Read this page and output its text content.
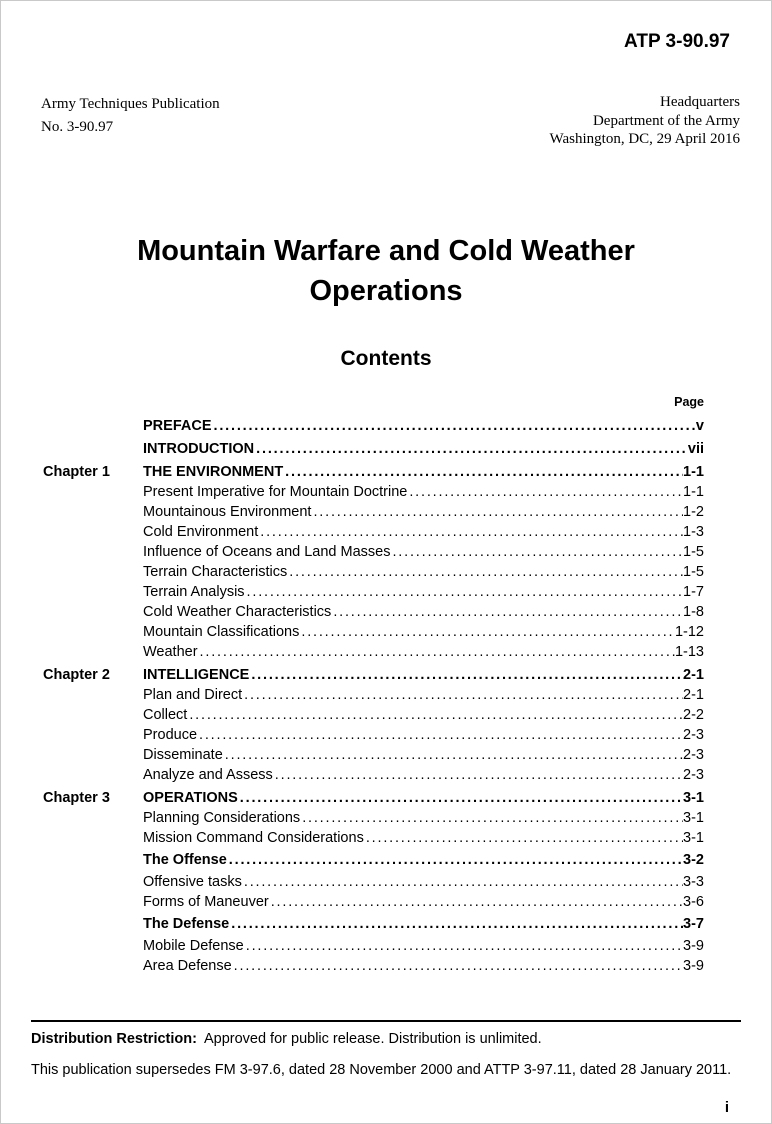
ATP 3-90.97
Army Techniques Publication
No. 3-90.97
Headquarters
Department of the Army
Washington, DC, 29 April 2016
Mountain Warfare and Cold Weather
Operations
Contents
Page
PREFACE .....	v
INTRODUCTION .....	vii
Chapter 1	THE ENVIRONMENT .....	1-1
Present Imperative for Mountain Doctrine .....	1-1
Mountainous Environment .....	1-2
Cold Environment .....	1-3
Influence of Oceans and Land Masses .....	1-5
Terrain Characteristics .....	1-5
Terrain Analysis .....	1-7
Cold Weather Characteristics .....	1-8
Mountain Classifications .....	1-12
Weather .....	1-13
Chapter 2	INTELLIGENCE .....	2-1
Plan and Direct .....	2-1
Collect .....	2-2
Produce .....	2-3
Disseminate .....	2-3
Analyze and Assess .....	2-3
Chapter 3	OPERATIONS .....	3-1
Planning Considerations .....	3-1
Mission Command Considerations .....	3-1
The Offense .....	3-2
Offensive tasks .....	3-3
Forms of Maneuver .....	3-6
The Defense .....	3-7
Mobile Defense .....	3-9
Area Defense .....	3-9
Distribution Restriction: Approved for public release. Distribution is unlimited.
This publication supersedes FM 3-97.6, dated 28 November 2000 and ATTP 3-97.11, dated 28 January 2011.
i
